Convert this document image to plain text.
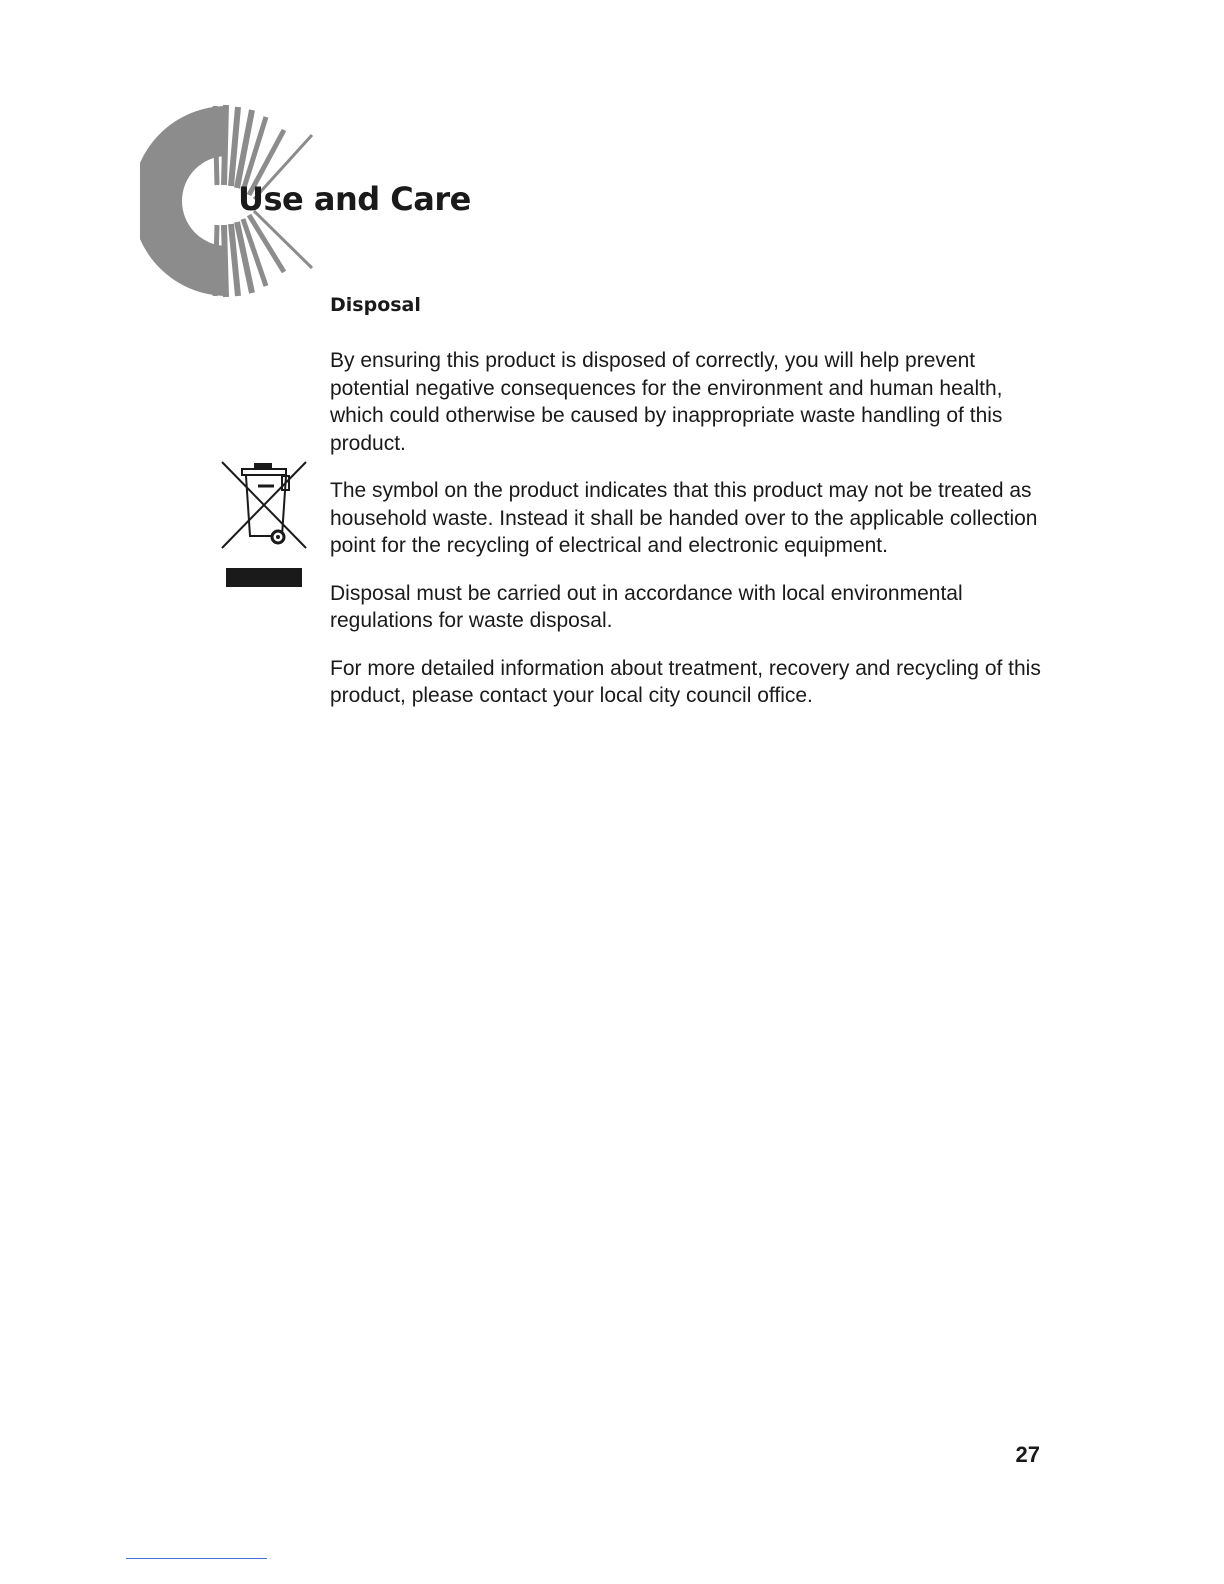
Use and Care
Disposal

By ensuring this product is disposed of correctly, you will help prevent potential negative consequences for the environment and human health, which could otherwise be caused by inappropriate waste handling of this product.

The symbol on the product indicates that this product may not be treated as household waste. Instead it shall be handed over to the applicable collection point for the recycling of electrical and electronic equipment.

Disposal must be carried out in accordance with local environmental regulations for waste disposal.

For more detailed information about treatment, recovery and recycling of this product, please contact your local city council office.

27
